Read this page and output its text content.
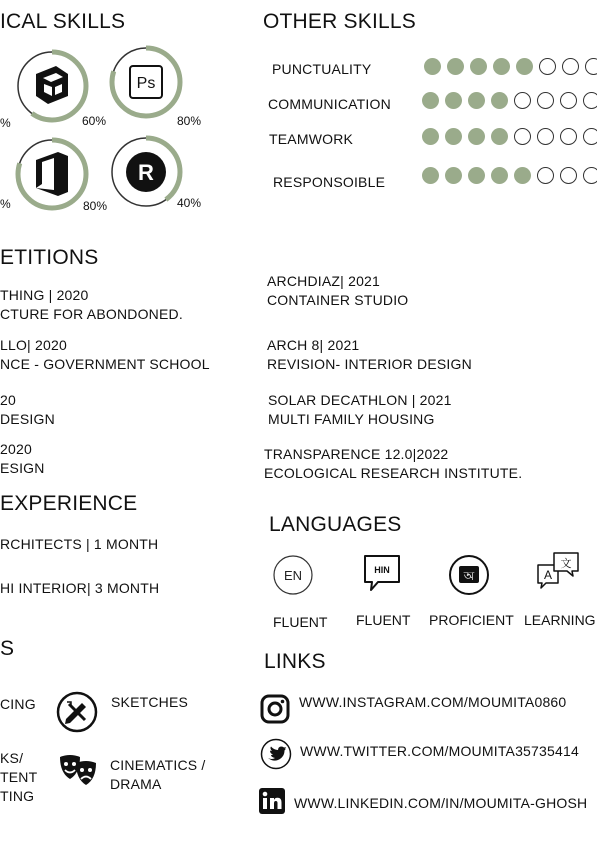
ICAL SKILLS	OTHER SKILLS
ETITIONS
EXPERIENCE
LANGUAGES
LINKS
S
%
%
60%
Ps
80%
80%
R
40%
PUNCTUALITY
COMMUNICATION
TEAMWORK
RESPONSOIBLE
THING | 2020
CTURE FOR ABONDONED.
LLO| 2020
NCE - GOVERNMENT SCHOOL
20
DESIGN
2020
ESIGN
ARCHDIAZ| 2021
CONTAINER STUDIO
ARCH 8| 2021
REVISION- INTERIOR DESIGN
SOLAR DECATHLON | 2021
MULTI FAMILY HOUSING
TRANSPARENCE 12.0|2022
ECOLOGICAL RESEARCH INSTITUTE.
RCHITECTS | 1 MONTH
HI INTERIOR| 3 MONTH
EN	HIN	অ	A
文
FLUENT FLUENT PROFICIENT LEARNING
CING
KS/
TENT
TING
SKETCHES
CINEMATICS /
DRAMA
WWW.INSTAGRAM.COM/MOUMITA0860
WWW.TWITTER.COM/MOUMITA35735414
WWW.LINKEDIN.COM/IN/MOUMITA-GHOSH
